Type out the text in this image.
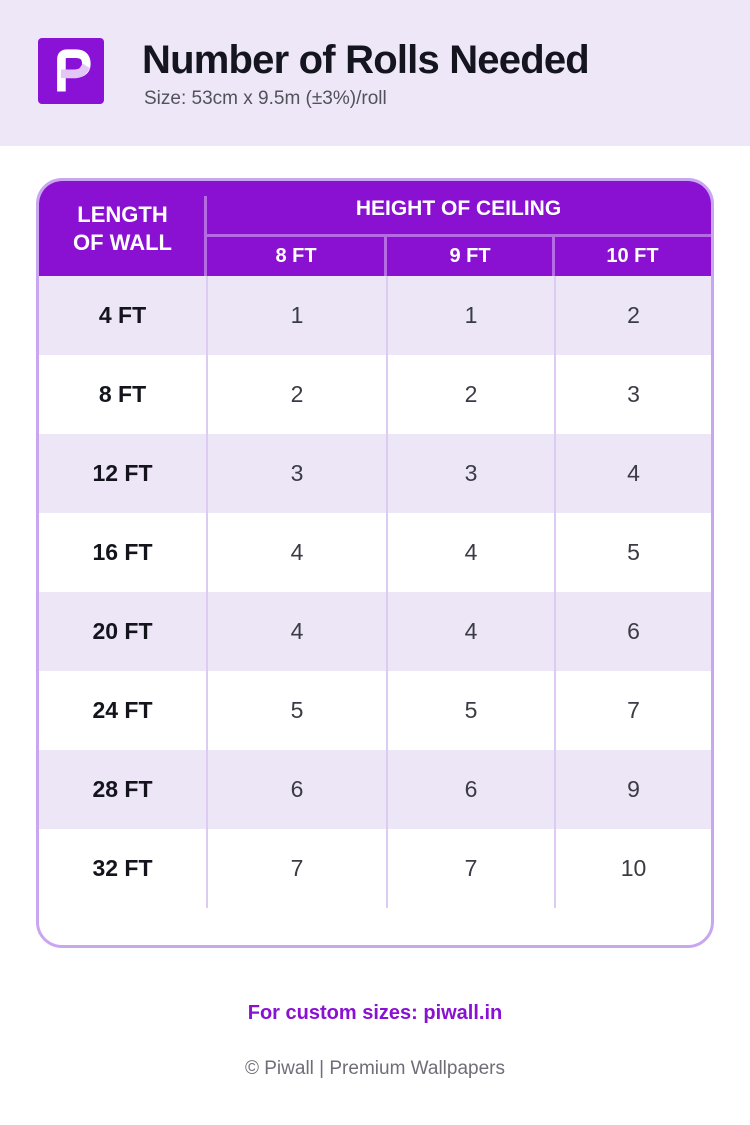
Number of Rolls Needed
Size: 53cm x 9.5m (±3%)/roll
LENGTH
OF WALL
HEIGHT OF CEILING
8 FT	9 FT	10 FT
4 FT	1	1	2
8 FT	2	2	3
12 FT	3	3	4
16 FT	4	4	5
20 FT	4	4	6
24 FT	5	5	7
28 FT	6	6	9
32 FT	7	7	10
For custom sizes: piwall.in
© Piwall | Premium Wallpapers
